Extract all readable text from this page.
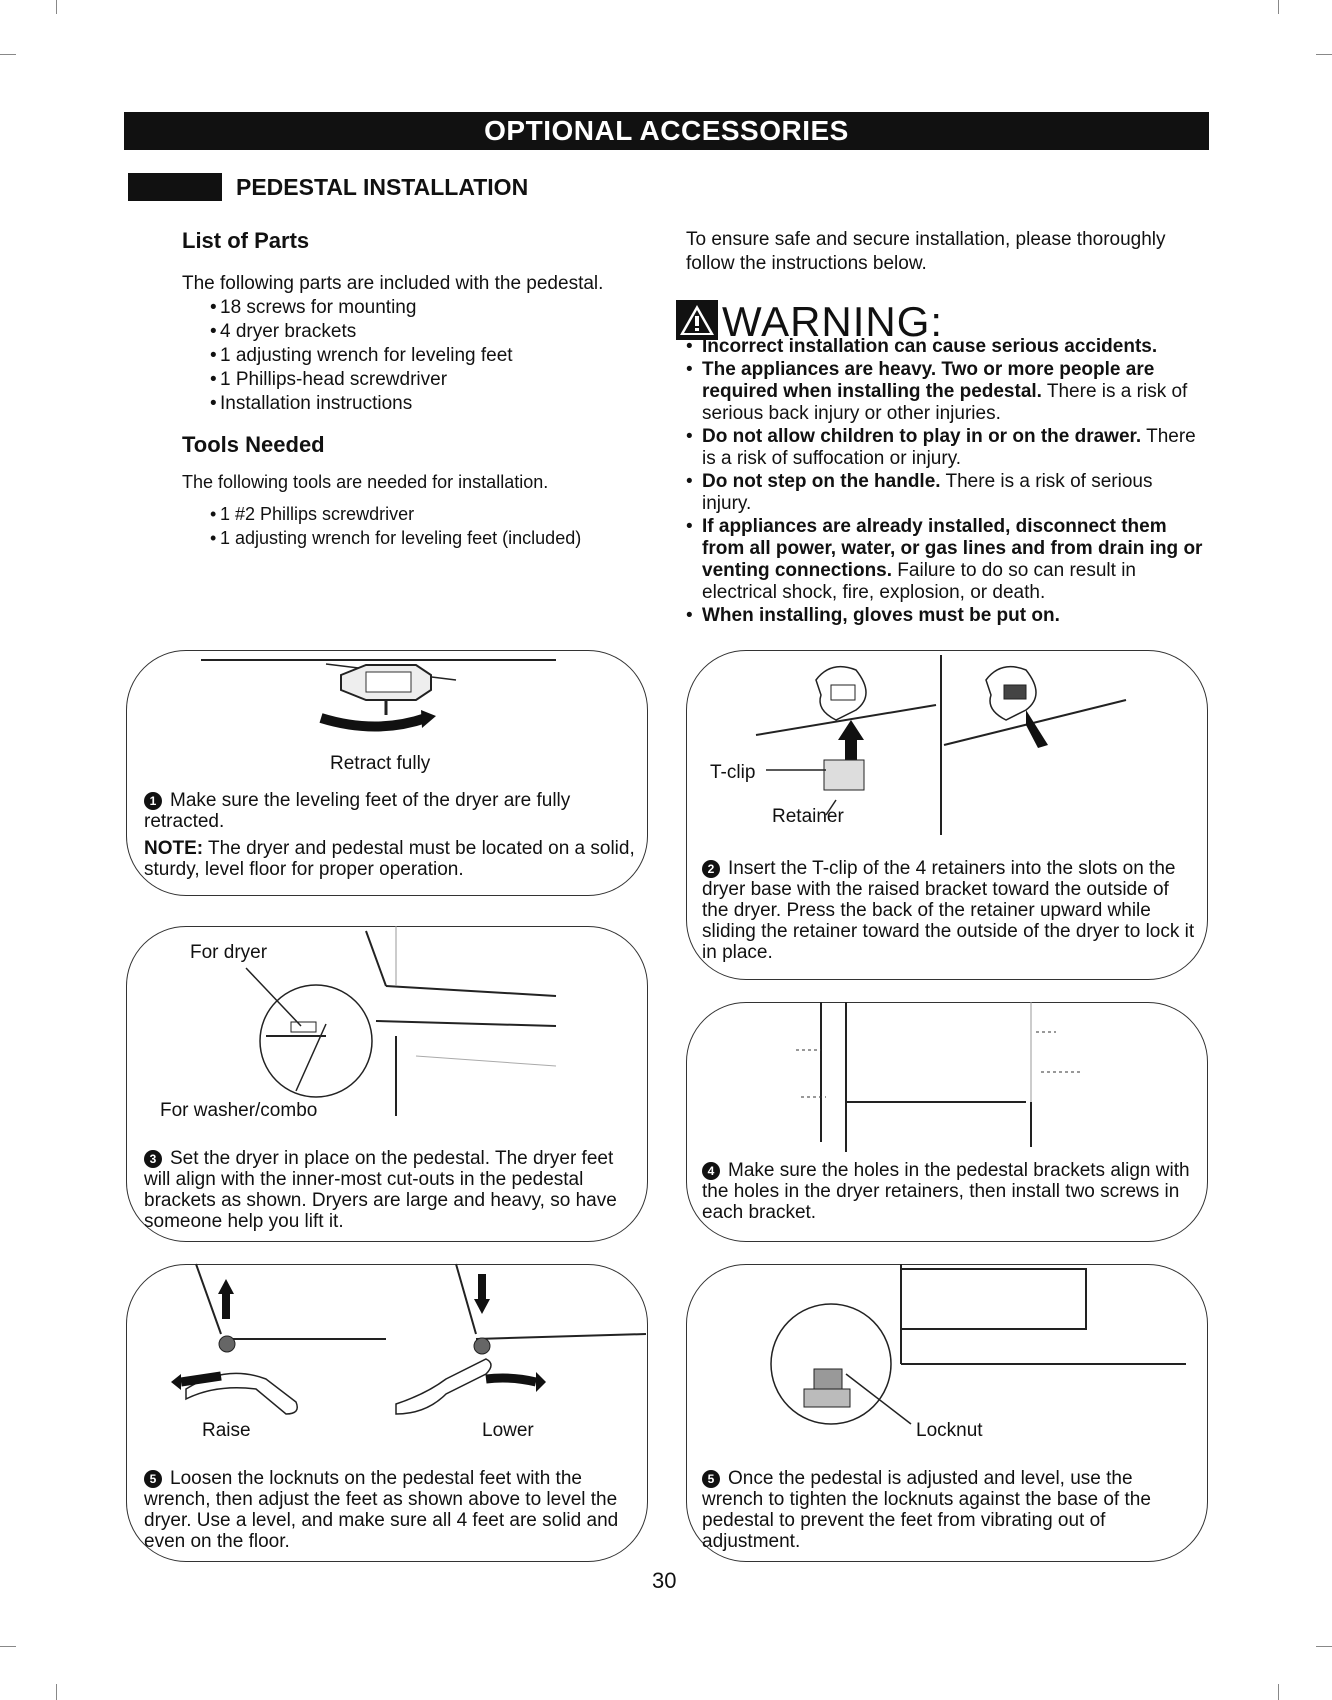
OPTIONAL ACCESSORIES
PEDESTAL INSTALLATION
List of Parts
The following parts are included with the pedestal.
• 18 screws for mounting
• 4 dryer brackets
• 1 adjusting wrench for leveling feet
• 1 Phillips-head screwdriver
• Installation instructions
Tools Needed
The following tools are needed for installation.
• 1 #2 Phillips screwdriver
• 1 adjusting wrench for leveling feet (included)
To ensure safe and secure installation, please thoroughly follow the instructions below.
WARNING:
• Incorrect installation can cause serious accidents.
• The appliances are heavy. Two or more people are required when installing the pedestal. There is a risk of serious back injury or other injuries.
• Do not allow children to play in or on the drawer. There is a risk of suffocation or injury.
• Do not step on the handle. There is a risk of serious injury.
• If appliances are already installed, disconnect them from all power, water, or gas lines and from drain ing or venting connections. Failure to do so can result in electrical shock, fire, explosion, or death.
• When installing, gloves must be put on.
Retract fully
1 Make sure the leveling feet of the dryer are fully retracted.
NOTE: The dryer and pedestal must be located on a solid, sturdy, level floor for proper operation.
For dryer
For washer/combo
3 Set the dryer in place on the pedestal. The dryer feet will align with the inner-most cut-outs in the pedestal brackets as shown. Dryers are large and heavy, so have someone help you lift it.
Raise	Lower
5 Loosen the locknuts on the pedestal feet with the wrench, then adjust the feet as shown above to level the dryer. Use a level, and make sure all 4 feet are solid and even on the floor.
T-clip
Retainer
2 Insert the T-clip of the 4 retainers into the slots on the dryer base with the raised bracket toward the outside of the dryer. Press the back of the retainer upward while sliding the retainer toward the outside of the dryer to lock it in place.
4 Make sure the holes in the pedestal brackets align with the holes in the dryer retainers, then install two screws in each bracket.
Locknut
5 Once the pedestal is adjusted and level, use the wrench to tighten the locknuts against the base of the pedestal to prevent the feet from vibrating out of adjustment.
30
